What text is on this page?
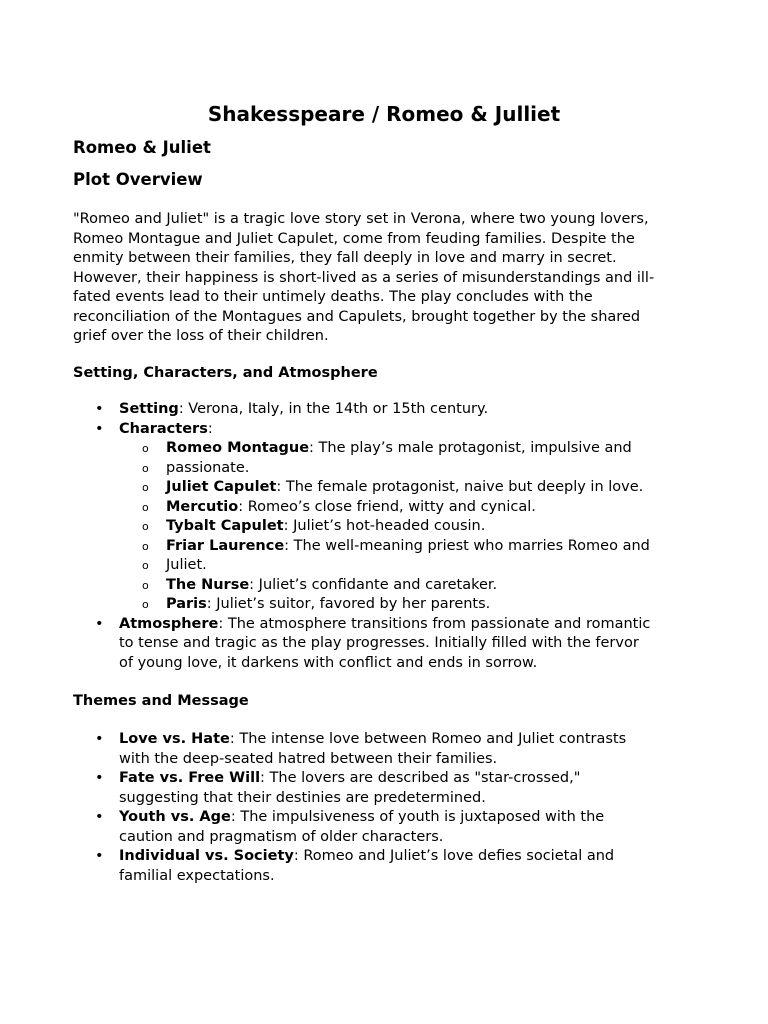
Shakesspeare / Romeo & Julliet
Romeo & Juliet
Plot Overview

"Romeo and Juliet" is a tragic love story set in Verona, where two young lovers,

Romeo Montague and Juliet Capulet, come from feuding families. Despite the

enmity between their families, they fall deeply in love and marry in secret.

However, their happiness is short-lived as a series of misunderstandings and ill-

fated events lead to their untimely deaths. The play concludes with the

reconciliation of the Montagues and Capulets, brought together by the shared

grief over the loss of their children.

Setting, Characters, and Atmosphere
• Setting: Verona, Italy, in the 14th or 15th century.
• Characters:
o Romeo Montague: The play’s male protagonist, impulsive and
o passionate.
o Juliet Capulet: The female protagonist, naive but deeply in love.
o Mercutio: Romeo’s close friend, witty and cynical.
o Tybalt Capulet: Juliet’s hot-headed cousin.
o Friar Laurence: The well-meaning priest who marries Romeo and
o Juliet.
o The Nurse: Juliet’s confidante and caretaker.
o Paris: Juliet’s suitor, favored by her parents.
• Atmosphere: The atmosphere transitions from passionate and romantic
to tense and tragic as the play progresses. Initially filled with the fervor
of young love, it darkens with conflict and ends in sorrow.
Themes and Message
• Love vs. Hate: The intense love between Romeo and Juliet contrasts
with the deep-seated hatred between their families.
• Fate vs. Free Will: The lovers are described as "star-crossed,"
suggesting that their destinies are predetermined.
• Youth vs. Age: The impulsiveness of youth is juxtaposed with the
caution and pragmatism of older characters.
• Individual vs. Society: Romeo and Juliet’s love defies societal and
familial expectations.
